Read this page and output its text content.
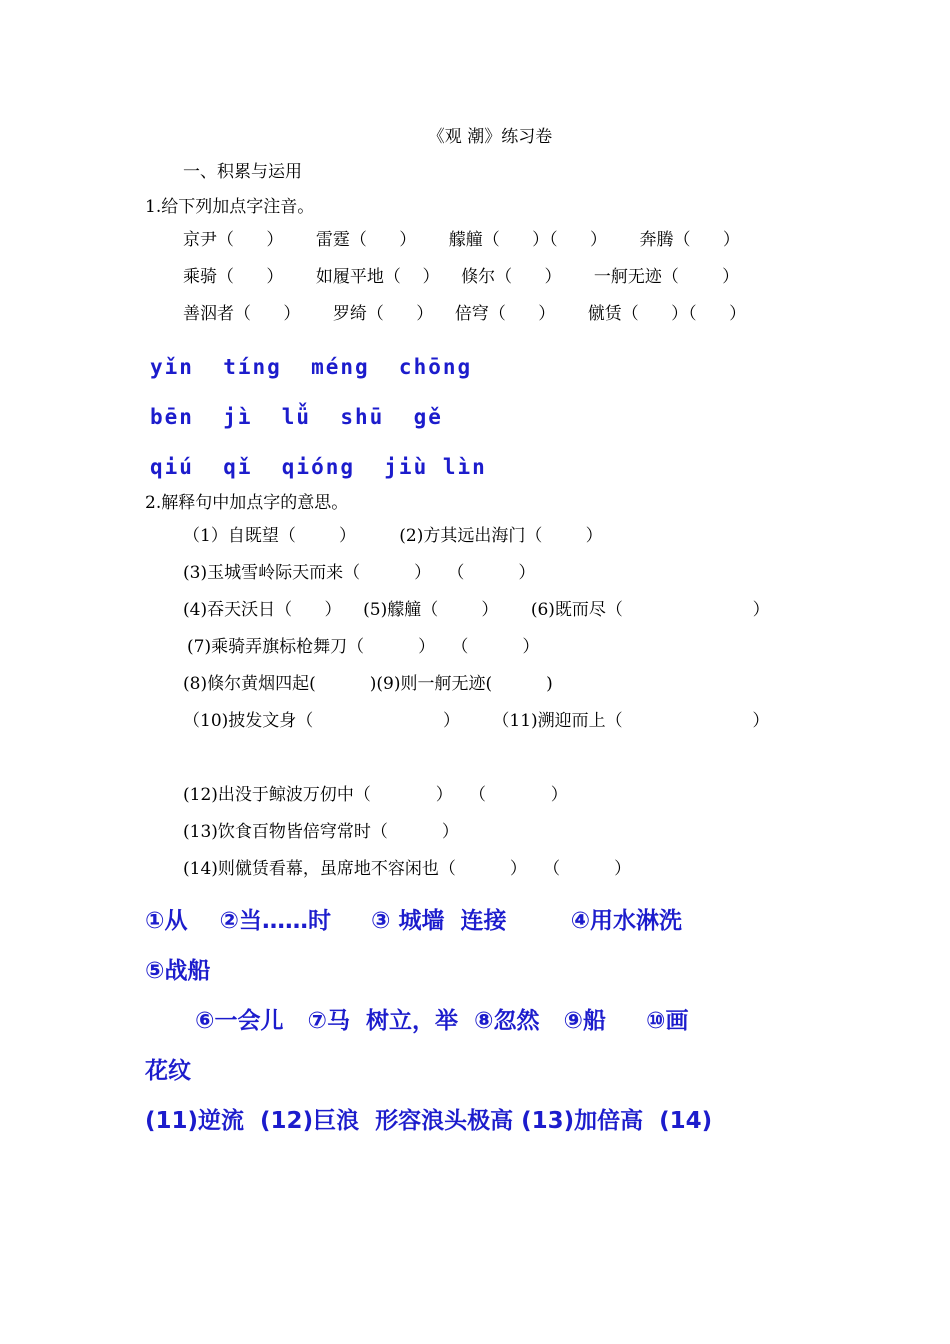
《观 潮》练习卷
一、积累与运用
1.给下列加点字注音。
京尹（      ）      雷霆（      ）      艨艟（      ）（      ）      奔腾（      ）
乘骑（      ）      如履平地（    ）    倏尔（      ）      一舸无迹（        ）
善泅者（      ）      罗绮（      ）    倍穹（      ）      僦赁（      ）（      ）
yǐn  tíng  méng  chōng
bēn  jì  lǚ  shū  gě
qiú  qǐ  qióng  jiù lìn
2.解释句中加点字的意思。
（1）自既望（        ）        (2)方其远出海门（        ）
(3)玉城雪岭际天而来（          ）   （          ）
(4)吞天沃日（      ）    (5)艨艟（        ）      (6)既而尽（                        ）
(7)乘骑弄旗标枪舞刀（          ）   （          ）
(8)倏尔黄烟四起(          )(9)则一舸无迹(          )
（10)披发文身（                        ）      （11)溯迎而上（                        ）
(12)出没于鲸波万仞中（            ）   （            ）
(13)饮食百物皆倍穹常时（          ）
(14)则僦赁看幕，虽席地不容闲也（          ）   （          ）
①从    ②当……时     ③ 城墙  连接        ④用水淋洗
⑤战船
⑥一会儿   ⑦马  树立，举  ⑧忽然   ⑨船     ⑩画
花纹
(11)逆流  (12)巨浪  形容浪头极高 (13)加倍高  (14)
